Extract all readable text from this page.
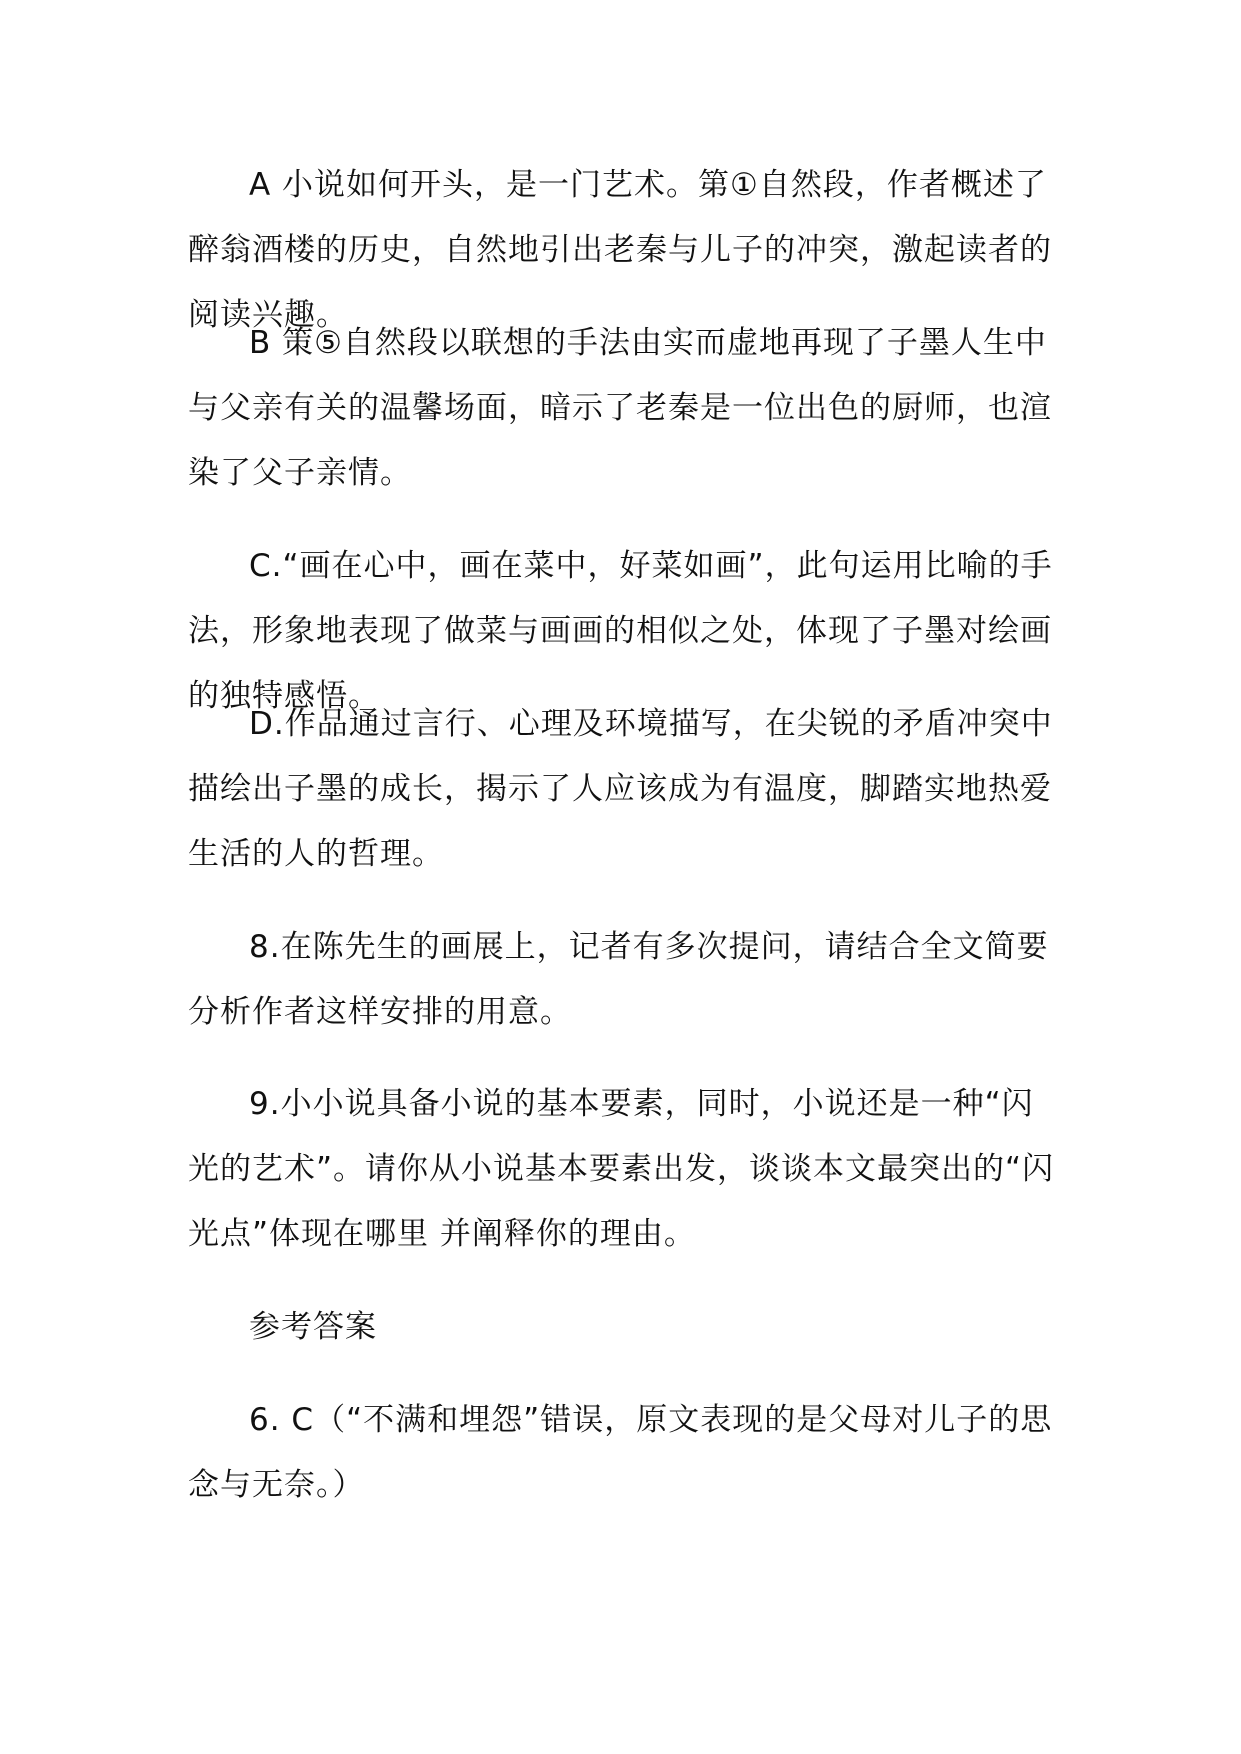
A 小说如何开头，是一门艺术。第①自然段，作者概述了醉翁酒楼的历史，自然地引出老秦与儿子的冲突，激起读者的阅读兴趣。

B 策⑤自然段以联想的手法由实而虚地再现了子墨人生中与父亲有关的温馨场面，暗示了老秦是一位出色的厨师，也渲染了父子亲情。

C.“画在心中，画在菜中，好菜如画”，此句运用比喻的手法，形象地表现了做菜与画画的相似之处，体现了子墨对绘画的独特感悟。

D.作品通过言行、心理及环境描写，在尖锐的矛盾冲突中描绘出子墨的成长，揭示了人应该成为有温度，脚踏实地热爱生活的人的哲理。

8.在陈先生的画展上，记者有多次提问，请结合全文简要分析作者这样安排的用意。

9.小小说具备小说的基本要素，同时，小说还是一种“闪光的艺术”。请你从小说基本要素出发，谈谈本文最突出的“闪光点”体现在哪里 并阐释你的理由。

参考答案

6. C（“不满和埋怨”错误，原文表现的是父母对儿子的思念与无奈。）
